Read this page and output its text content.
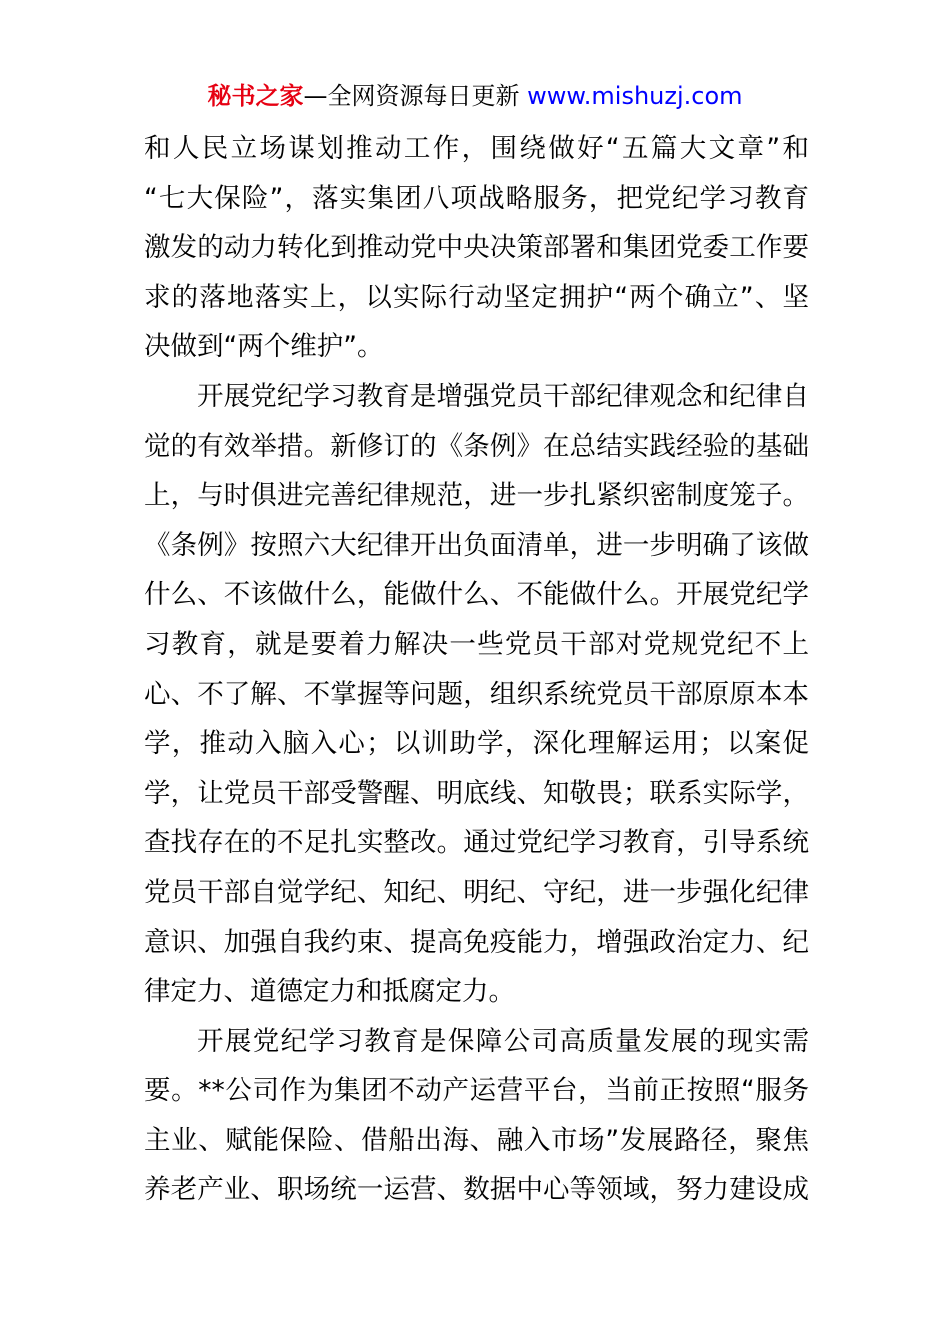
秘书之家—全网资源每日更新 www.mishuzj.com
和人民立场谋划推动工作，围绕做好“五篇大文章”和
“七大保险”，落实集团八项战略服务，把党纪学习教育
激发的动力转化到推动党中央决策部署和集团党委工作要
求的落地落实上，以实际行动坚定拥护“两个确立”、坚
决做到“两个维护”。
开展党纪学习教育是增强党员干部纪律观念和纪律自
觉的有效举措。新修订的《条例》在总结实践经验的基础
上，与时俱进完善纪律规范，进一步扎紧织密制度笼子。
《条例》按照六大纪律开出负面清单，进一步明确了该做
什么、不该做什么，能做什么、不能做什么。开展党纪学
习教育，就是要着力解决一些党员干部对党规党纪不上
心、不了解、不掌握等问题，组织系统党员干部原原本本
学，推动入脑入心；以训助学，深化理解运用；以案促
学，让党员干部受警醒、明底线、知敬畏；联系实际学，
查找存在的不足扎实整改。通过党纪学习教育，引导系统
党员干部自觉学纪、知纪、明纪、守纪，进一步强化纪律
意识、加强自我约束、提高免疫能力，增强政治定力、纪
律定力、道德定力和抵腐定力。
开展党纪学习教育是保障公司高质量发展的现实需
要。**公司作为集团不动产运营平台，当前正按照“服务
主业、赋能保险、借船出海、融入市场”发展路径，聚焦
养老产业、职场统一运营、数据中心等领域，努力建设成
